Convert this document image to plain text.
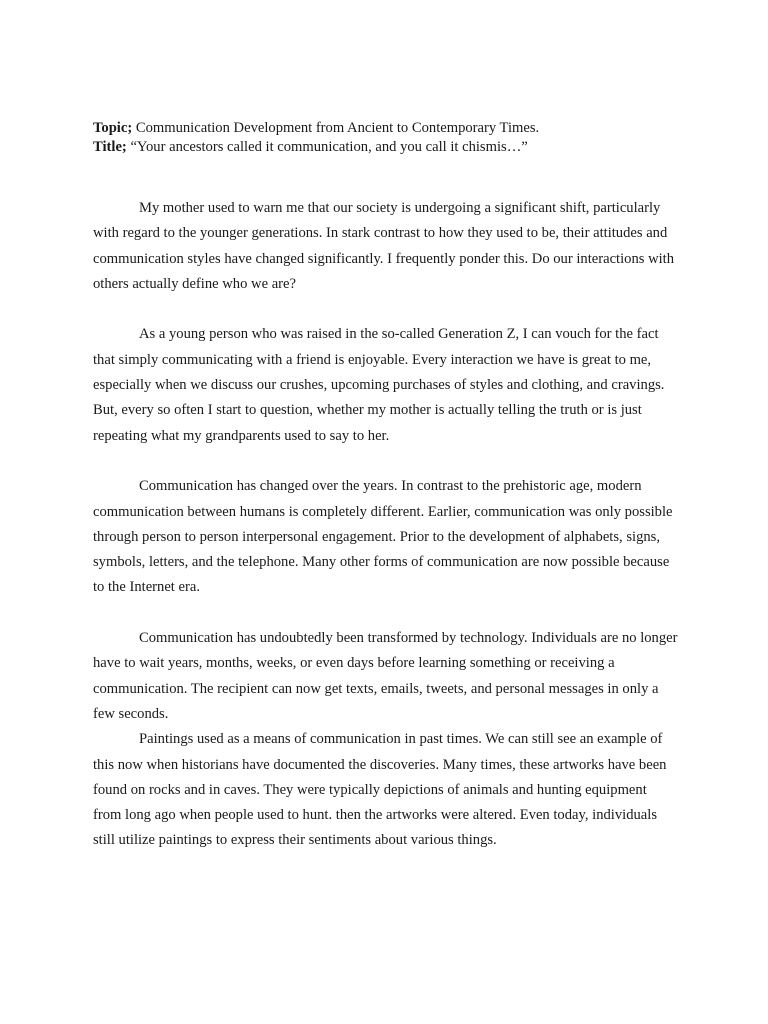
Topic; Communication Development from Ancient to Contemporary Times.
Title; “Your ancestors called it communication, and you call it chismis…”

My mother used to warn me that our society is undergoing a significant shift, particularly with regard to the younger generations. In stark contrast to how they used to be, their attitudes and communication styles have changed significantly. I frequently ponder this. Do our interactions with others actually define who we are?

As a young person who was raised in the so-called Generation Z, I can vouch for the fact that simply communicating with a friend is enjoyable. Every interaction we have is great to me, especially when we discuss our crushes, upcoming purchases of styles and clothing, and cravings. But, every so often I start to question, whether my mother is actually telling the truth or is just repeating what my grandparents used to say to her.

Communication has changed over the years. In contrast to the prehistoric age, modern communication between humans is completely different. Earlier, communication was only possible through person to person interpersonal engagement. Prior to the development of alphabets, signs, symbols, letters, and the telephone. Many other forms of communication are now possible because to the Internet era.

Communication has undoubtedly been transformed by technology. Individuals are no longer have to wait years, months, weeks, or even days before learning something or receiving a communication. The recipient can now get texts, emails, tweets, and personal messages in only a few seconds.

Paintings used as a means of communication in past times. We can still see an example of this now when historians have documented the discoveries. Many times, these artworks have been found on rocks and in caves. They were typically depictions of animals and hunting equipment from long ago when people used to hunt. then the artworks were altered. Even today, individuals still utilize paintings to express their sentiments about various things.
